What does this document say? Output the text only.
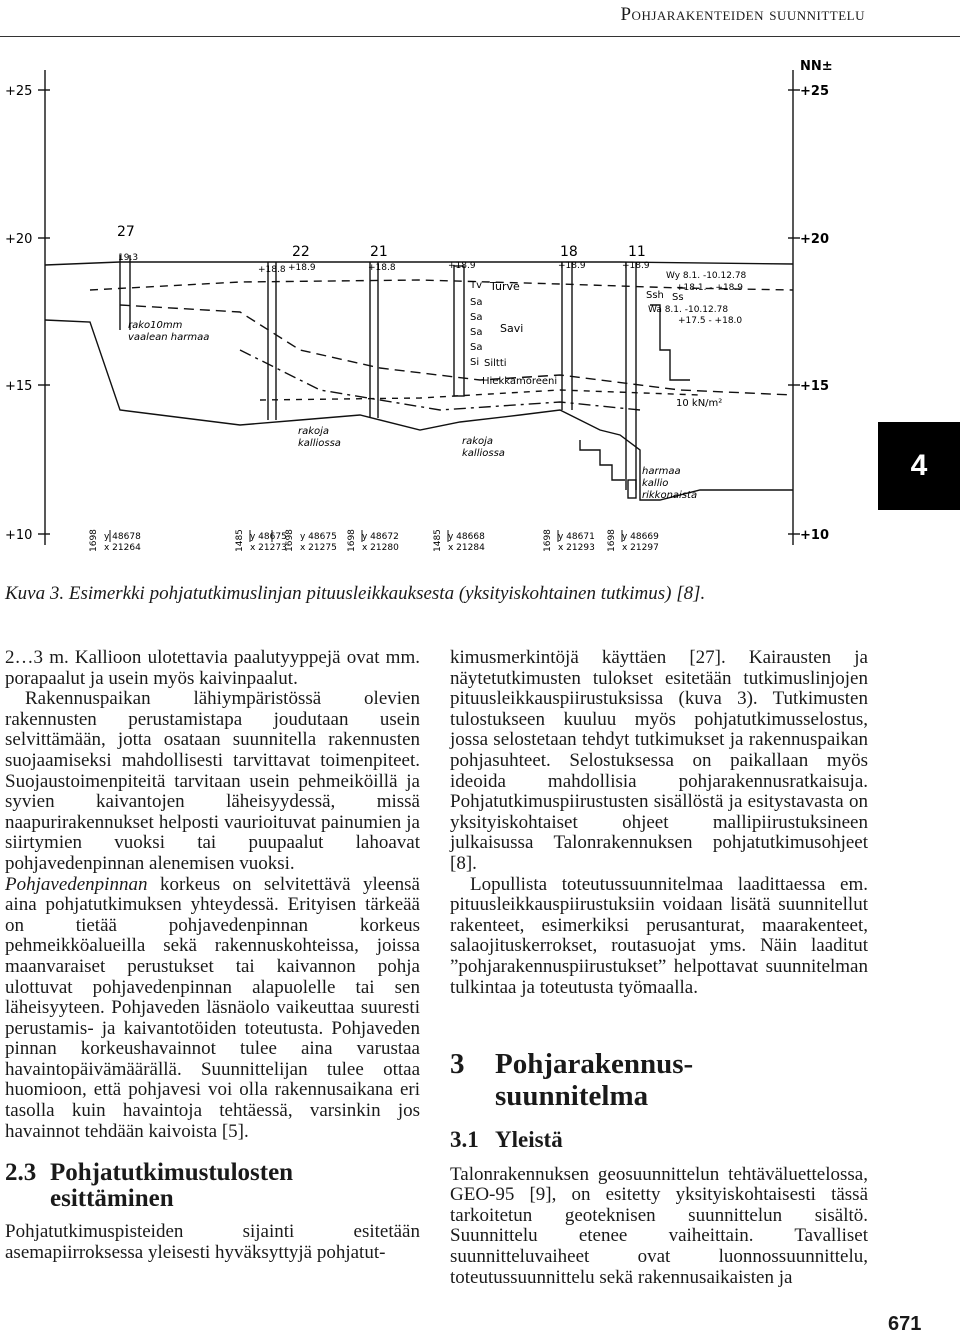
Pohjarakenteiden suunnittelu
4
+25
+20
+15
+10
NN±
+25
+20
+15
+10
27
22	21	18	11
19.3
+18.8 +18.9	+18.8	+18.9	+18.9	+18.9
Tv
Sa
Sa
Sa
Sa
Si
Turve
Savi
Siltti
Hiekkamoreeni
rako10mm
vaalean harmaa
rakoja
kalliossa	rakoja
kalliossa
harmaa
kallio
rikkonaista
Wy 8.1. -10.12.78
+18.1. - +18.9
Wa 8.1. -10.12.78
+17.5 - +18.0
Ssh Ss
10 kN/m²
1698 y 48678
x 21264	1485 y 48675
x 21273
1698 y 48675
x 21275 1698 y 48672
x 21280	1485 y 48668
x 21284	1698 y 48671
x 21293 1698 y 48669
x 21297
Kuva 3. Esimerkki pohjatutkimuslinjan pituusleikkauksesta (yksityiskohtainen tutkimus) [8].

2…3 m. Kallioon ulotettavia paalutyyppejä ovat mm. porapaalut ja usein myös kaivinpaalut.

Rakennuspaikan lähiympäristössä olevien rakennusten perustamistapa joudutaan usein selvittämään, jotta osataan suunnitella rakennusten suojaamiseksi mahdollisesti tarvittavat toimenpiteet. Suojaustoimenpiteitä tarvitaan usein pehmeiköillä ja syvien kaivantojen läheisyydessä, missä naapurirakennukset helposti vaurioituvat painumien ja siirtymien vuoksi tai puupaalut lahoavat pohjavedenpinnan alenemisen vuoksi.

Pohjavedenpinnan korkeus on selvitettävä yleensä aina pohjatutkimuksen yhteydessä. Erityisen tärkeää on tietää pohjavedenpinnan korkeus pehmeikköalueilla sekä rakennuskohteissa, joissa maanvaraiset perustukset tai kaivannon pohja ulottuvat pohjavedenpinnan alapuolelle tai sen läheisyyteen. Pohjaveden läsnäolo vaikeuttaa suuresti perustamis- ja kaivantotöiden toteutusta. Pohjaveden pinnan korkeushavainnot tulee aina varustaa havaintopäivämäärällä. Suunnittelijan tulee ottaa huomioon, että pohjavesi voi olla rakennusaikana eri tasolla kuin havaintoja tehtäessä, varsinkin jos havainnot tehdään kaivoista [5].

2.3 Pohjatutkimustulosten
esittäminen

Pohjatutkimuspisteiden sijainti esitetään asemapiirroksessa yleisesti hyväksyttyjä pohjatut-

kimusmerkintöjä käyttäen [27]. Kairausten ja näytetutkimusten tulokset esitetään tutkimuslinjojen pituusleikkauspiirustuksissa (kuva 3). Tutkimusten tulostukseen kuuluu myös pohjatutkimusselostus, jossa selostetaan tehdyt tutkimukset ja rakennuspaikan pohjasuhteet. Selostuksessa on paikallaan myös ideoida mahdollisia pohjarakennusratkaisuja. Pohjatutkimuspiirustusten sisällöstä ja esitystavasta on yksityiskohtaiset ohjeet mallipiirustuksineen julkaisussa Talonrakennuksen pohjatutkimusohjeet [8].

Lopullista toteutussuunnitelmaa laadittaessa em. pituusleikkauspiirustuksiin voidaan lisätä suunnitellut rakenteet, esimerkiksi perusanturat, maarakenteet, salaojituskerrokset, routasuojat yms. Näin laaditut ”pohjarakennuspiirustukset” helpottavat suunnitelman tulkintaa ja toteutusta työmaalla.

3 Pohjarakennus-
suunnitelma
3.1 Yleistä

Talonrakennuksen geosuunnittelun tehtäväluettelossa, GEO-95 [9], on esitetty yksityiskohtaisesti tässä tarkoitetun geoteknisen suunnittelun sisältö. Suunnittelu etenee vaiheittain. Tavalliset suunnitteluvaiheet ovat luonnossuunnittelu, toteutussuunnittelu sekä rakennusaikaisten ja

671
